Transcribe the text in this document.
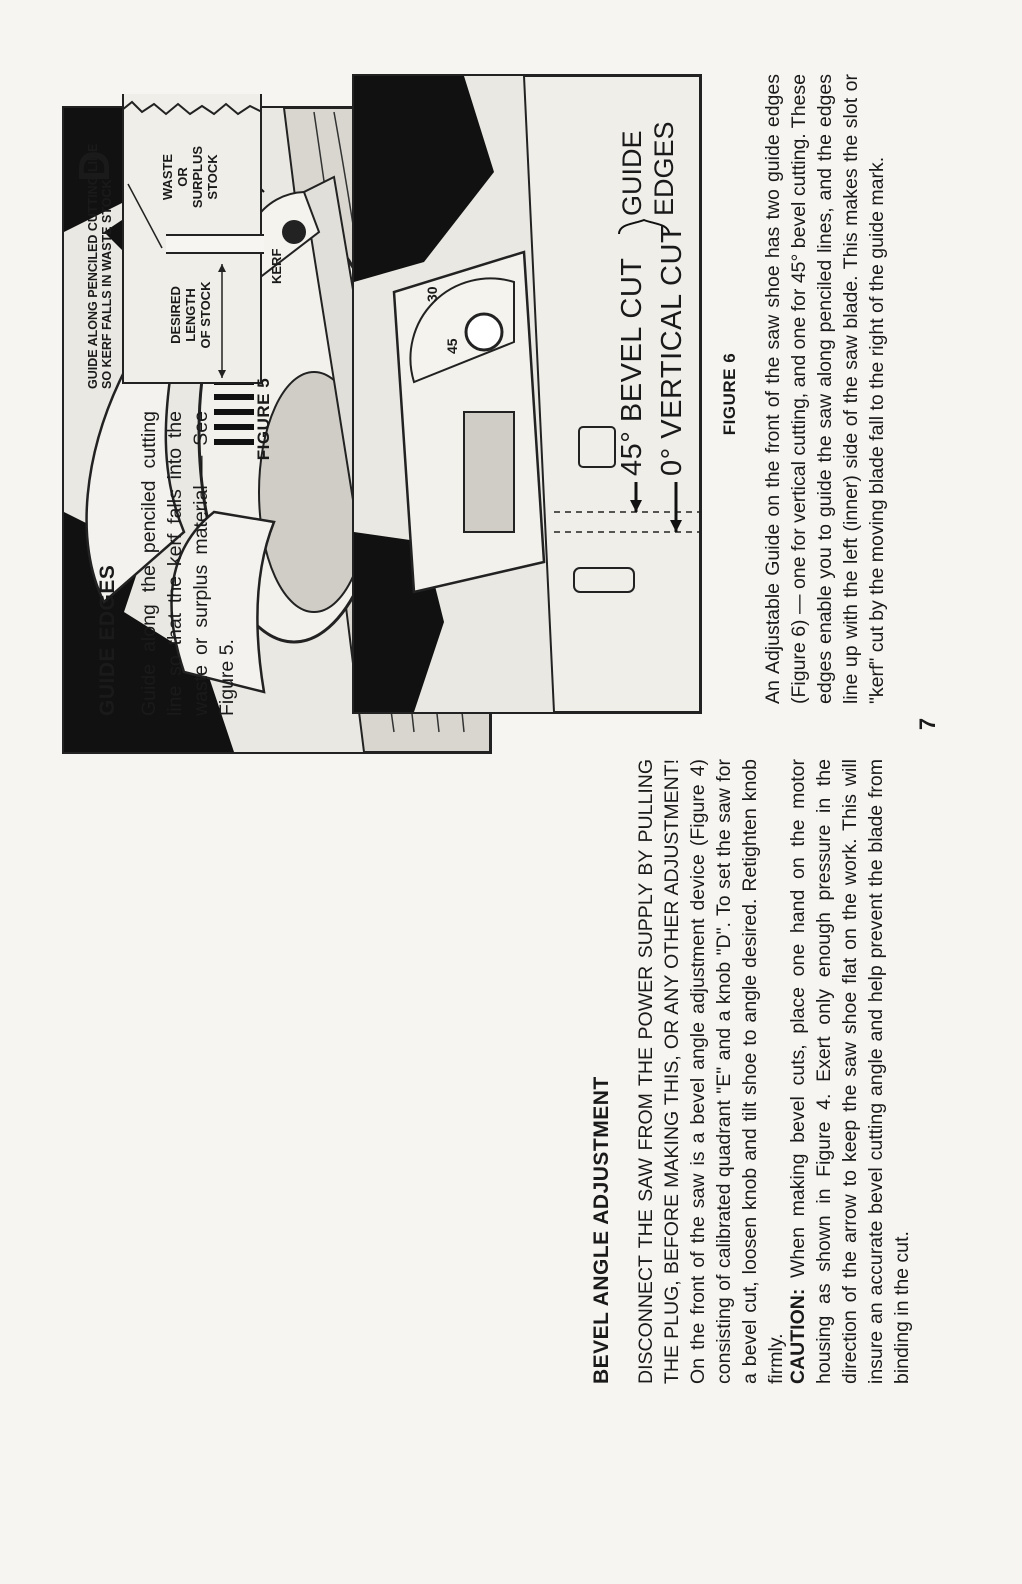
D
BEVEL ANGLE ADJUSTMENT DISCONNECT THE SAW FROM THE POWER SUPPLY BY PULLING THE PLUG, BEFORE MAKING THIS, OR ANY OTHER ADJUSTMENT! On the front of the saw is a bevel angle adjustment device (Figure 4) consisting of calibrated quadrant "E" and a knob "D". To set the saw for a bevel cut, loosen knob and tilt shoe to angle desired. Retighten knob firmly. CAUTION: When making bevel cuts, place one hand on the motor housing as shown in Figure 4. Exert only enough pressure in the direction of the arrow to keep the saw shoe flat on the work. This will insure an accurate bevel cutting angle and help prevent the blade from binding in the cut.
7
GUIDE EDGES Guide along the penciled cutting line so that the kerf falls into the waste or surplus material — See Figure 5.
GUIDE ALONG PENCILED CUTTING LINE SO KERF FALLS IN WASTE STOCK	DESIRED LENGTH OF STOCK
WASTE OR SURPLUS STOCK
KERF
FIGURE 5
45
30	45° BEVEL CUT 0° VERTICAL CUT
GUIDE EDGES
FIGURE 6 An Adjustable Guide on the front of the saw shoe has two guide edges (Figure 6) — one for vertical cutting, and one for 45° bevel cutting. These edges enable you to guide the saw along penciled lines, and the edges line up with the left (inner) side of the saw blade. This makes the slot or "kerf" cut by the moving blade fall to the right of the guide mark.
